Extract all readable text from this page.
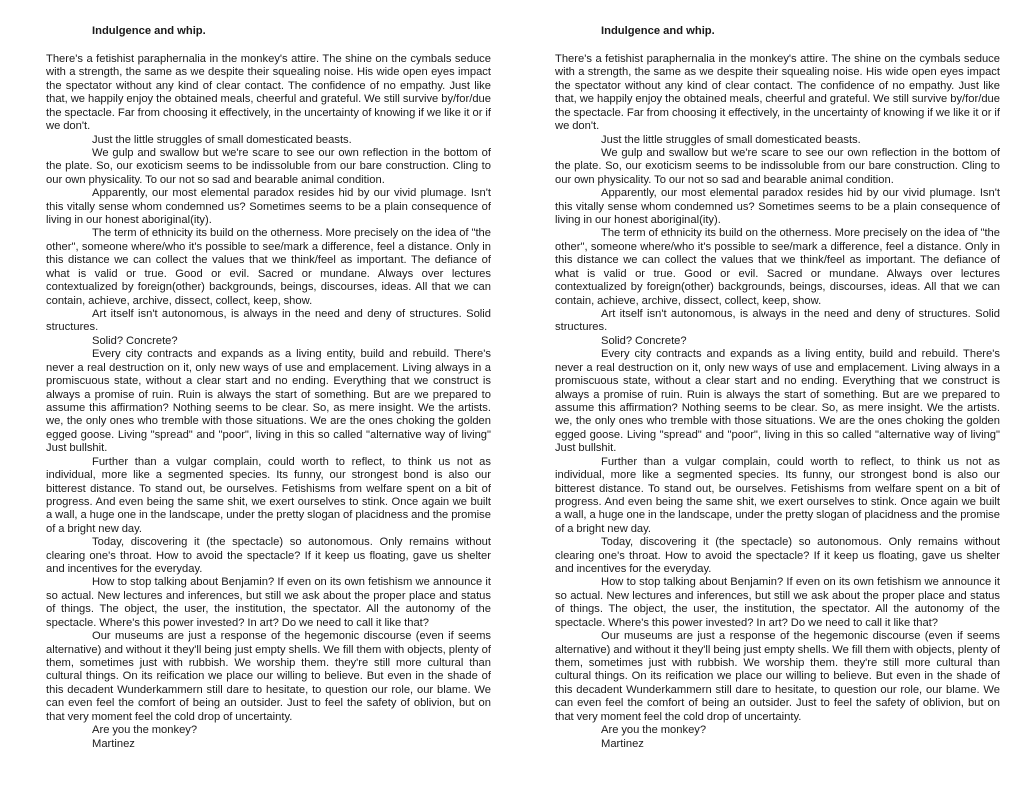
Indulgence and whip.

There's a fetishist paraphernalia in the monkey's attire. The shine on the cymbals seduce with a strength, the same as we despite their squealing noise. His wide open eyes impact the spectator without any kind of clear contact. The confidence of no empathy. Just like that, we happily enjoy the obtained meals, cheerful and grateful. We still survive by/for/due the spectacle. Far from choosing it effectively, in the uncertainty of knowing if we like it or if we don't.

Just the little struggles of small domesticated beasts.

We gulp and swallow but we're scare to see our own reflection in the bottom of the plate. So, our exoticism seems to be indissoluble from our bare construction. Cling to our own physicality. To our not so sad and bearable animal condition.

Apparently, our most elemental paradox resides hid by our vivid plumage. Isn't this vitally sense whom condemned us? Sometimes seems to be a plain consequence of living in our honest aboriginal(ity).

The term of ethnicity its build on the otherness. More precisely on the idea of "the other", someone where/who it's possible to see/mark a difference, feel a distance. Only in this distance we can collect the values that we think/feel as important. The defiance of what is valid or true. Good or evil. Sacred or mundane. Always over lectures contextualized by foreign(other) backgrounds, beings, discourses, ideas. All that we can contain, achieve, archive, dissect, collect, keep, show.

Art itself isn't autonomous, is always in the need and deny of structures. Solid structures.

Solid? Concrete?

Every city contracts and expands as a living entity, build and rebuild. There's never a real destruction on it, only new ways of use and emplacement. Living always in a promiscuous state, without a clear start and no ending. Everything that we construct is always a promise of ruin. Ruin is always the start of something. But are we prepared to assume this affirmation? Nothing seems to be clear. So, as mere insight. We the artists. we, the only ones who tremble with those situations. We are the ones choking the golden egged goose. Living "spread" and "poor", living in this so called "alternative way of living" Just bullshit.

Further than a vulgar complain, could worth to reflect, to think us not as individual, more like a segmented species. Its funny, our strongest bond is also our bitterest distance. To stand out, be ourselves. Fetishisms from welfare spent on a bit of progress. And even being the same shit, we exert ourselves to stink. Once again we built a wall, a huge one in the landscape, under the pretty slogan of placidness and the promise of a bright new day.

Today, discovering it (the spectacle) so autonomous. Only remains without clearing one's throat. How to avoid the spectacle? If it keep us floating, gave us shelter and incentives for the everyday.

How to stop talking about Benjamin? If even on its own fetishism we announce it so actual. New lectures and inferences, but still we ask about the proper place and status of things. The object, the user, the institution, the spectator. All the autonomy of the spectacle. Where's this power invested? In art? Do we need to call it like that?

Our museums are just a response of the hegemonic discourse (even if seems alternative) and without it they'll being just empty shells. We fill them with objects, plenty of them, sometimes just with rubbish. We worship them. they're still more cultural than cultural things. On its reification we place our willing to believe. But even in the shade of this decadent Wunderkammern still dare to hesitate, to question our role, our blame. We can even feel the comfort of being an outsider. Just to feel the safety of oblivion, but on that very moment feel the cold drop of uncertainty.

Are you the monkey?

Martinez

Indulgence and whip.

There's a fetishist paraphernalia in the monkey's attire. The shine on the cymbals seduce with a strength, the same as we despite their squealing noise. His wide open eyes impact the spectator without any kind of clear contact. The confidence of no empathy. Just like that, we happily enjoy the obtained meals, cheerful and grateful. We still survive by/for/due the spectacle. Far from choosing it effectively, in the uncertainty of knowing if we like it or if we don't.

Just the little struggles of small domesticated beasts.

We gulp and swallow but we're scare to see our own reflection in the bottom of the plate. So, our exoticism seems to be indissoluble from our bare construction. Cling to our own physicality. To our not so sad and bearable animal condition.

Apparently, our most elemental paradox resides hid by our vivid plumage. Isn't this vitally sense whom condemned us? Sometimes seems to be a plain consequence of living in our honest aboriginal(ity).

The term of ethnicity its build on the otherness. More precisely on the idea of "the other", someone where/who it's possible to see/mark a difference, feel a distance. Only in this distance we can collect the values that we think/feel as important. The defiance of what is valid or true. Good or evil. Sacred or mundane. Always over lectures contextualized by foreign(other) backgrounds, beings, discourses, ideas. All that we can contain, achieve, archive, dissect, collect, keep, show.

Art itself isn't autonomous, is always in the need and deny of structures. Solid structures.

Solid? Concrete?

Every city contracts and expands as a living entity, build and rebuild. There's never a real destruction on it, only new ways of use and emplacement. Living always in a promiscuous state, without a clear start and no ending. Everything that we construct is always a promise of ruin. Ruin is always the start of something. But are we prepared to assume this affirmation? Nothing seems to be clear. So, as mere insight. We the artists. we, the only ones who tremble with those situations. We are the ones choking the golden egged goose. Living "spread" and "poor", living in this so called "alternative way of living" Just bullshit.

Further than a vulgar complain, could worth to reflect, to think us not as individual, more like a segmented species. Its funny, our strongest bond is also our bitterest distance. To stand out, be ourselves. Fetishisms from welfare spent on a bit of progress. And even being the same shit, we exert ourselves to stink. Once again we built a wall, a huge one in the landscape, under the pretty slogan of placidness and the promise of a bright new day.

Today, discovering it (the spectacle) so autonomous. Only remains without clearing one's throat. How to avoid the spectacle? If it keep us floating, gave us shelter and incentives for the everyday.

How to stop talking about Benjamin? If even on its own fetishism we announce it so actual. New lectures and inferences, but still we ask about the proper place and status of things. The object, the user, the institution, the spectator. All the autonomy of the spectacle. Where's this power invested? In art? Do we need to call it like that?

Our museums are just a response of the hegemonic discourse (even if seems alternative) and without it they'll being just empty shells. We fill them with objects, plenty of them, sometimes just with rubbish. We worship them. they're still more cultural than cultural things. On its reification we place our willing to believe. But even in the shade of this decadent Wunderkammern still dare to hesitate, to question our role, our blame. We can even feel the comfort of being an outsider. Just to feel the safety of oblivion, but on that very moment feel the cold drop of uncertainty.

Are you the monkey?

Martinez
